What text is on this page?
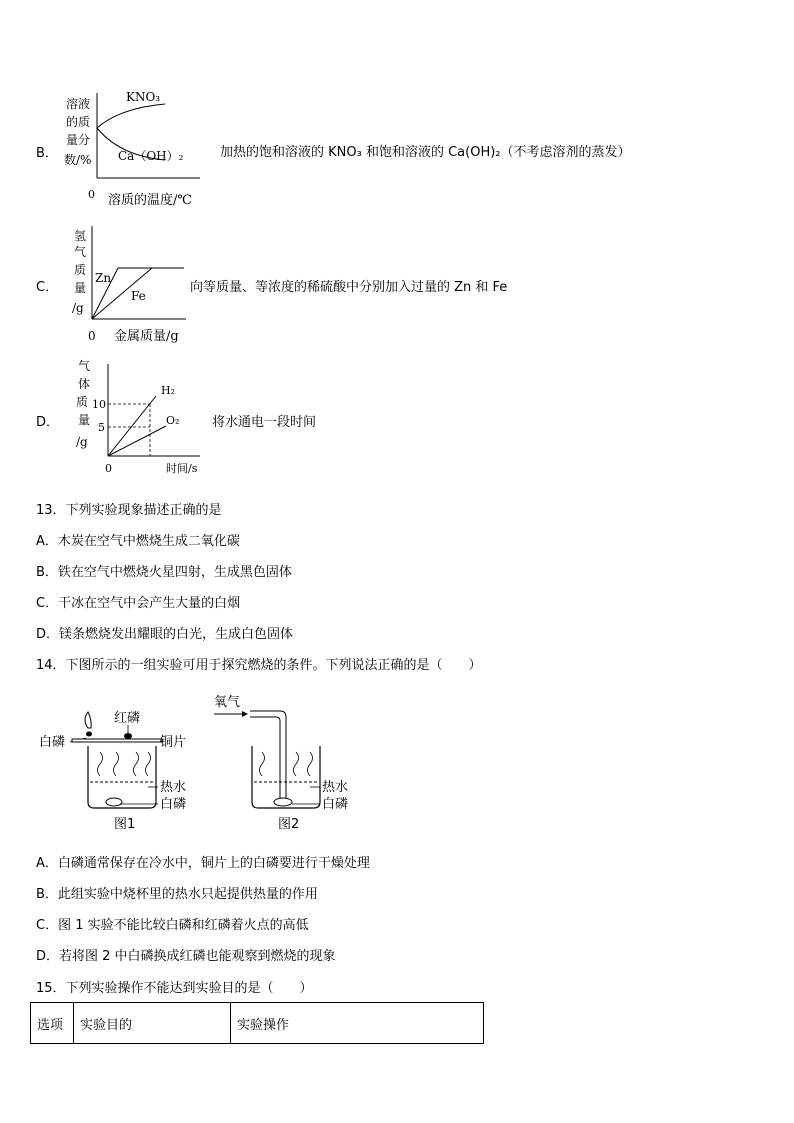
B．
溶液
的质
量分
数/%
KNO₃
Ca（OH）₂
0 溶质的温度/℃
加热的饱和溶液的 KNO₃ 和饱和溶液的 Ca(OH)₂（不考虑溶剂的蒸发）
C．
氢
气
质
量
/g
Zn
Fe
0 金属质量/g
向等质量、等浓度的稀硫酸中分别加入过量的 Zn 和 Fe
D．
气
体
质
量
/g
10
5
H₂
O₂
0	时间/s
将水通电一段时间
13．下列实验现象描述正确的是
A．木炭在空气中燃烧生成二氧化碳
B．铁在空气中燃烧火星四射，生成黑色固体
C．干冰在空气中会产生大量的白烟
D．镁条燃烧发出耀眼的白光，生成白色固体
14．下图所示的一组实验可用于探究燃烧的条件。下列说法正确的是（　　）
红磷
白磷	铜片
热水
白磷
图1
氧气
热水
白磷
图2
A．白磷通常保存在冷水中，铜片上的白磷要进行干燥处理
B．此组实验中烧杯里的热水只起提供热量的作用
C．图 1 实验不能比较白磷和红磷着火点的高低
D．若将图 2 中白磷换成红磷也能观察到燃烧的现象
15．下列实验操作不能达到实验目的是（　　）
选项	实验目的	实验操作
